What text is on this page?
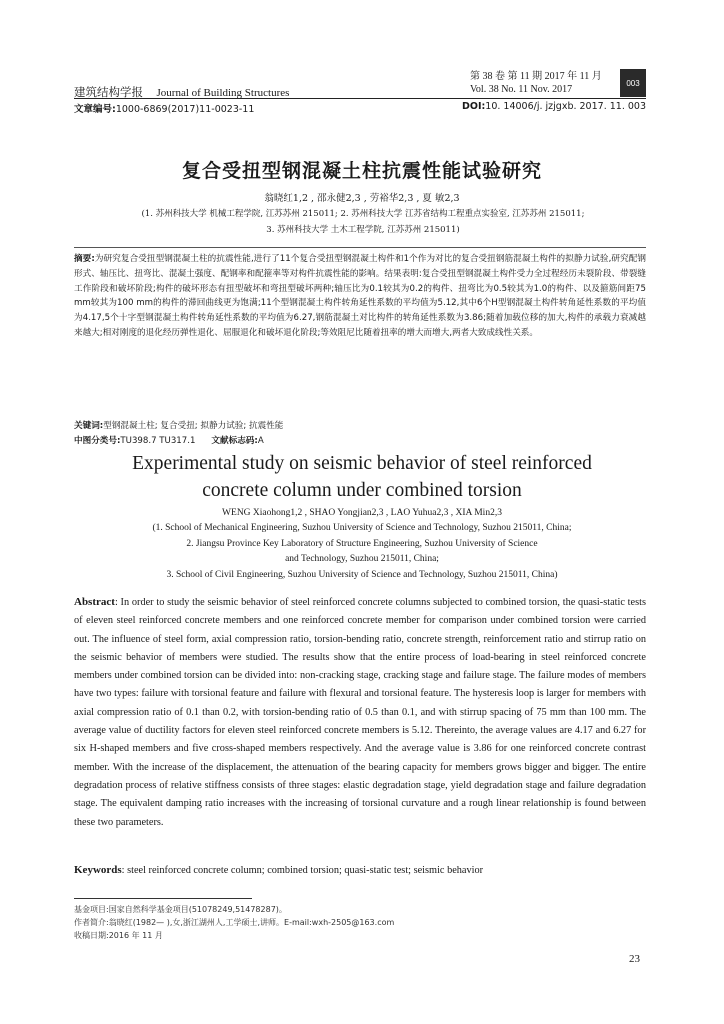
建筑结构学报 Journal of Building Structures
第 38 卷 第 11 期 2017 年 11 月
Vol. 38 No. 11 Nov. 2017
003
文章编号:1000-6869(2017)11-0023-11	DOI:10. 14006/j. jzjgxb. 2017. 11. 003
复合受扭型钢混凝土柱抗震性能试验研究
翁晓红1,2 , 邵永健2,3 , 劳裕华2,3 , 夏 敏2,3
(1. 苏州科技大学 机械工程学院, 江苏苏州 215011; 2. 苏州科技大学 江苏省结构工程重点实验室, 江苏苏州 215011;
3. 苏州科技大学 土木工程学院, 江苏苏州 215011)
摘要:为研究复合受扭型钢混凝土柱的抗震性能,进行了11个复合受扭型钢混凝土构件和1个作为对比的复合受扭钢筋混凝土构件的拟静力试验,研究配钢形式、轴压比、扭弯比、混凝土强度、配钢率和配箍率等对构件抗震性能的影响。结果表明:复合受扭型钢混凝土构件受力全过程经历未裂阶段、带裂缝工作阶段和破坏阶段;构件的破坏形态有扭型破坏和弯扭型破坏两种;轴压比为0.1较其为0.2的构件、扭弯比为0.5较其为1.0的构件、以及箍筋间距75 mm较其为100 mm的构件的滞回曲线更为饱满;11个型钢混凝土构件转角延性系数的平均值为5.12,其中6个H型钢混凝土构件转角延性系数的平均值为4.17,5个十字型钢混凝土构件转角延性系数的平均值为6.27,钢筋混凝土对比构件的转角延性系数为3.86;随着加载位移的加大,构件的承载力衰减越来越大;相对刚度的退化经历弹性退化、屈服退化和破坏退化阶段;等效阻尼比随着扭率的增大而增大,两者大致成线性关系。
关键词:型钢混凝土柱; 复合受扭; 拟静力试验; 抗震性能
中图分类号:TU398.7 TU317.1 文献标志码:A
Experimental study on seismic behavior of steel reinforced
concrete column under combined torsion
WENG Xiaohong1,2 , SHAO Yongjian2,3 , LAO Yuhua2,3 , XIA Min2,3
(1. School of Mechanical Engineering, Suzhou University of Science and Technology, Suzhou 215011, China;
2. Jiangsu Province Key Laboratory of Structure Engineering, Suzhou University of Science
and Technology, Suzhou 215011, China;
3. School of Civil Engineering, Suzhou University of Science and Technology, Suzhou 215011, China)
Abstract: In order to study the seismic behavior of steel reinforced concrete columns subjected to combined torsion, the quasi-static tests of eleven steel reinforced concrete members and one reinforced concrete member for comparison under combined torsion were carried out. The influence of steel form, axial compression ratio, torsion-bending ratio, concrete strength, reinforcement ratio and stirrup ratio on the seismic behavior of members were studied. The results show that the entire process of load-bearing in steel reinforced concrete members under combined torsion can be divided into: non-cracking stage, cracking stage and failure stage. The failure modes of members have two types: failure with torsional feature and failure with flexural and torsional feature. The hysteresis loop is larger for members with axial compression ratio of 0.1 than 0.2, with torsion-bending ratio of 0.5 than 0.1, and with stirrup spacing of 75 mm than 100 mm. The average value of ductility factors for eleven steel reinforced concrete members is 5.12. Thereinto, the average values are 4.17 and 6.27 for six H-shaped members and five cross-shaped members respectively. And the average value is 3.86 for one reinforced concrete contrast member. With the increase of the displacement, the attenuation of the bearing capacity for members grows bigger and bigger. The entire degradation process of relative stiffness consists of three stages: elastic degradation stage, yield degradation stage and failure degradation stage. The equivalent damping ratio increases with the increasing of torsional curvature and a rough linear relationship is found between these two parameters.
Keywords: steel reinforced concrete column; combined torsion; quasi-static test; seismic behavior
基金项目:国家自然科学基金项目(51078249,51478287)。
作者简介:翁晓红(1982— ),女,浙江湖州人,工学硕士,讲师。E-mail:wxh-2505@163.com
收稿日期:2016 年 11 月
23
